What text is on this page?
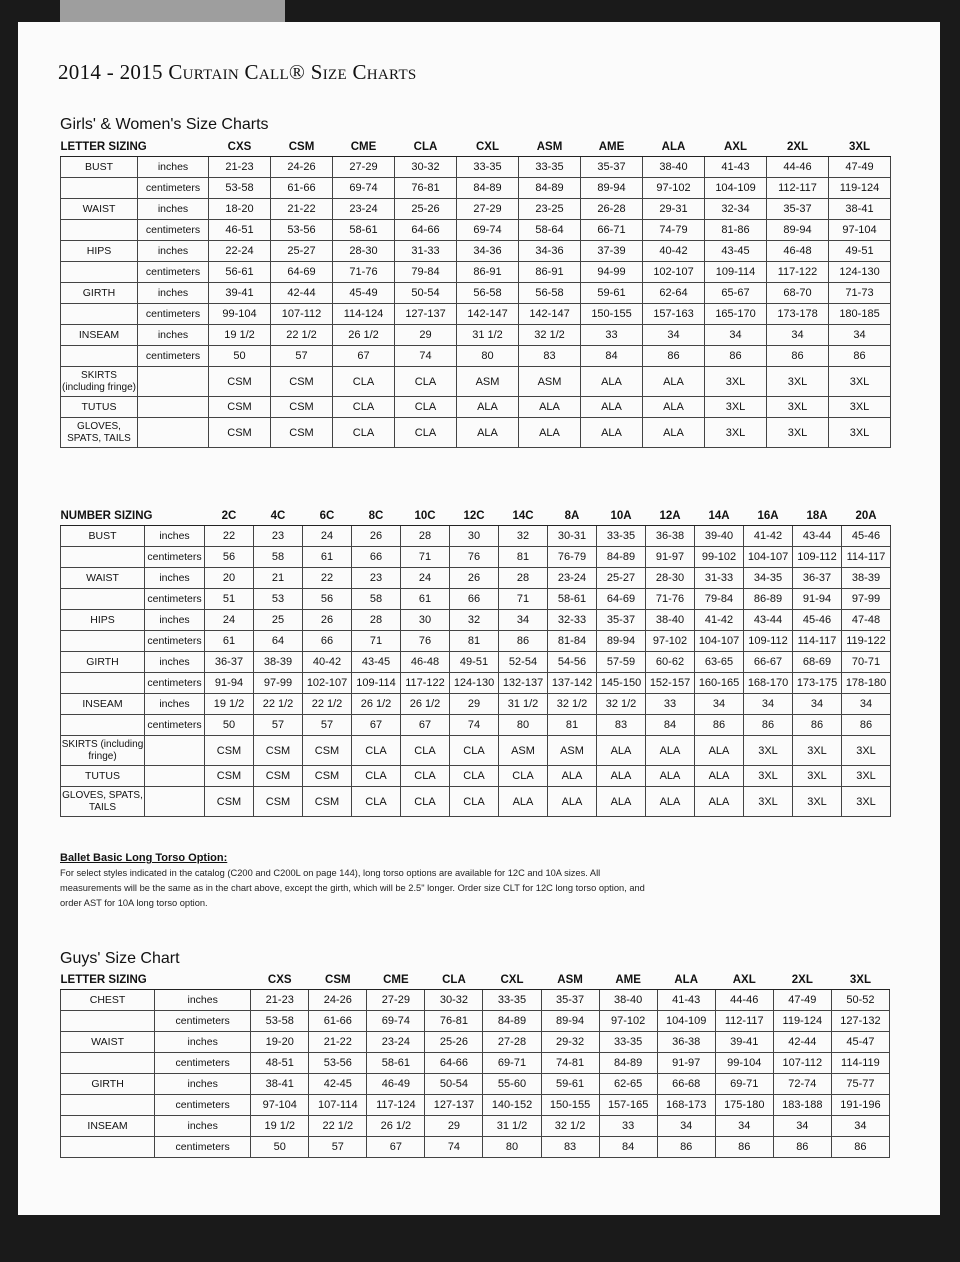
2014 - 2015 Curtain Call® Size Charts
Girls' & Women's Size Charts
LETTER SIZING		CXS	CSM	CME	CLA	CXL	ASM	AME	ALA	AXL	2XL	3XL
BUST	inches	21-23	24-26	27-29	30-32	33-35	33-35	35-37	38-40	41-43	44-46	47-49
	centimeters	53-58	61-66	69-74	76-81	84-89	84-89	89-94	97-102	104-109	112-117	119-124
WAIST	inches	18-20	21-22	23-24	25-26	27-29	23-25	26-28	29-31	32-34	35-37	38-41
	centimeters	46-51	53-56	58-61	64-66	69-74	58-64	66-71	74-79	81-86	89-94	97-104
HIPS	inches	22-24	25-27	28-30	31-33	34-36	34-36	37-39	40-42	43-45	46-48	49-51
	centimeters	56-61	64-69	71-76	79-84	86-91	86-91	94-99	102-107	109-114	117-122	124-130
GIRTH	inches	39-41	42-44	45-49	50-54	56-58	56-58	59-61	62-64	65-67	68-70	71-73
	centimeters	99-104	107-112	114-124	127-137	142-147	142-147	150-155	157-163	165-170	173-178	180-185
INSEAM	inches	19 1/2	22 1/2	26 1/2	29	31 1/2	32 1/2	33	34	34	34	34
	centimeters	50	57	67	74	80	83	84	86	86	86	86
SKIRTS (including fringe)		CSM	CSM	CLA	CLA	ASM	ASM	ALA	ALA	3XL	3XL	3XL
TUTUS		CSM	CSM	CLA	CLA	ALA	ALA	ALA	ALA	3XL	3XL	3XL
GLOVES, SPATS, TAILS		CSM	CSM	CLA	CLA	ALA	ALA	ALA	ALA	3XL	3XL	3XL
NUMBER SIZING		2C	4C	6C	8C	10C	12C	14C	8A	10A	12A	14A	16A	18A	20A
BUST	inches	22	23	24	26	28	30	32	30-31	33-35	36-38	39-40	41-42	43-44	45-46
	centimeters	56	58	61	66	71	76	81	76-79	84-89	91-97	99-102	104-107	109-112	114-117
WAIST	inches	20	21	22	23	24	26	28	23-24	25-27	28-30	31-33	34-35	36-37	38-39
	centimeters	51	53	56	58	61	66	71	58-61	64-69	71-76	79-84	86-89	91-94	97-99
HIPS	inches	24	25	26	28	30	32	34	32-33	35-37	38-40	41-42	43-44	45-46	47-48
	centimeters	61	64	66	71	76	81	86	81-84	89-94	97-102	104-107	109-112	114-117	119-122
GIRTH	inches	36-37	38-39	40-42	43-45	46-48	49-51	52-54	54-56	57-59	60-62	63-65	66-67	68-69	70-71
	centimeters	91-94	97-99	102-107	109-114	117-122	124-130	132-137	137-142	145-150	152-157	160-165	168-170	173-175	178-180
INSEAM	inches	19 1/2	22 1/2	22 1/2	26 1/2	26 1/2	29	31 1/2	32 1/2	32 1/2	33	34	34	34	34
	centimeters	50	57	57	67	67	74	80	81	83	84	86	86	86	86
SKIRTS (including fringe)		CSM	CSM	CSM	CLA	CLA	CLA	ASM	ASM	ALA	ALA	ALA	3XL	3XL	3XL
TUTUS		CSM	CSM	CSM	CLA	CLA	CLA	CLA	ALA	ALA	ALA	ALA	3XL	3XL	3XL
GLOVES, SPATS, TAILS		CSM	CSM	CSM	CLA	CLA	CLA	ALA	ALA	ALA	ALA	ALA	3XL	3XL	3XL
Ballet Basic Long Torso Option:
For select styles indicated in the catalog (C200 and C200L on page 144), long torso options are available for 12C and 10A sizes. All measurements will be the same as in the chart above, except the girth, which will be 2.5" longer. Order size CLT for 12C long torso option, and order AST for 10A long torso option.
Guys' Size Chart
LETTER SIZING		CXS	CSM	CME	CLA	CXL	ASM	AME	ALA	AXL	2XL	3XL
CHEST	inches	21-23	24-26	27-29	30-32	33-35	35-37	38-40	41-43	44-46	47-49	50-52
	centimeters	53-58	61-66	69-74	76-81	84-89	89-94	97-102	104-109	112-117	119-124	127-132
WAIST	inches	19-20	21-22	23-24	25-26	27-28	29-32	33-35	36-38	39-41	42-44	45-47
	centimeters	48-51	53-56	58-61	64-66	69-71	74-81	84-89	91-97	99-104	107-112	114-119
GIRTH	inches	38-41	42-45	46-49	50-54	55-60	59-61	62-65	66-68	69-71	72-74	75-77
	centimeters	97-104	107-114	117-124	127-137	140-152	150-155	157-165	168-173	175-180	183-188	191-196
INSEAM	inches	19 1/2	22 1/2	26 1/2	29	31 1/2	32 1/2	33	34	34	34	34
	centimeters	50	57	67	74	80	83	84	86	86	86	86
